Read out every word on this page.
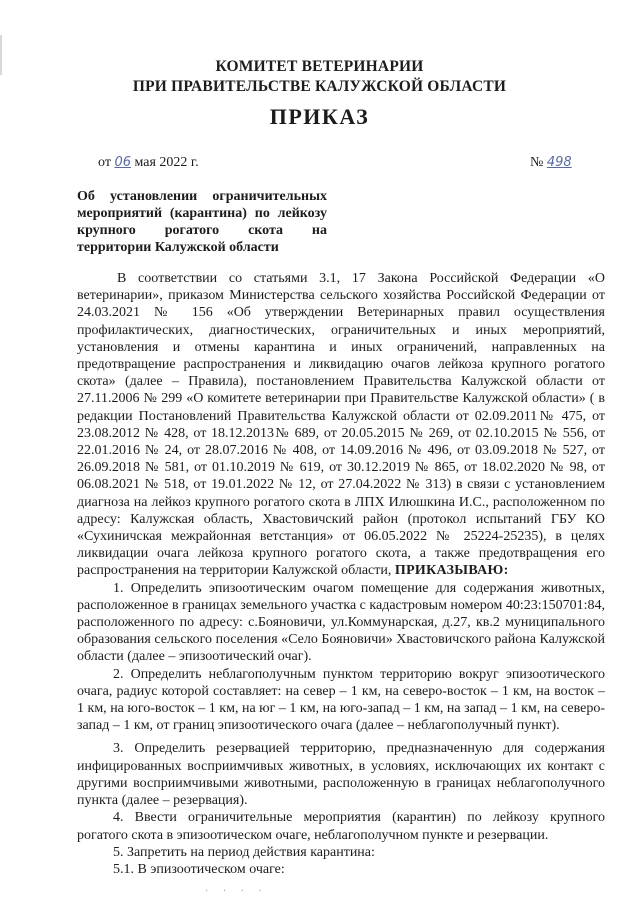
КОМИТЕТ ВЕТЕРИНАРИИ
ПРИ ПРАВИТЕЛЬСТВЕ КАЛУЖСКОЙ ОБЛАСТИ
ПРИКАЗ
от 06 мая 2022 г.	№ 498
Об установлении ограничительных мероприятий (карантина) по лейкозу крупного рогатого скота на территории Калужской области

В соответствии со статьями 3.1, 17 Закона Российской Федерации «О ветеринарии», приказом Министерства сельского хозяйства Российской Федерации от 24.03.2021 № 156 «Об утверждении Ветеринарных правил осуществления профилактических, диагностических, ограничительных и иных мероприятий, установления и отмены карантина и иных ограничений, направленных на предотвращение распространения и ликвидацию очагов лейкоза крупного рогатого скота» (далее – Правила), постановлением Правительства Калужской области от 27.11.2006 № 299 «О комитете ветеринарии при Правительстве Калужской области» ( в редакции Постановлений Правительства Калужской области от 02.09.2011№ 475, от 23.08.2012 № 428, от 18.12.2013№ 689, от 20.05.2015 № 269, от 02.10.2015 № 556, от 22.01.2016 № 24, от 28.07.2016 № 408, от 14.09.2016 № 496, от 03.09.2018 № 527, от 26.09.2018 № 581, от 01.10.2019 № 619, от 30.12.2019 № 865, от 18.02.2020 № 98, от 06.08.2021 № 518, от 19.01.2022 № 12, от 27.04.2022 № 313) в связи с установлением диагноза на лейкоз крупного рогатого скота в ЛПХ Илюшкина И.С., расположенном по адресу: Калужская область, Хвастовичский район (протокол испытаний ГБУ КО «Сухиничская межрайонная ветстанция» от 06.05.2022 № 25224-25235), в целях ликвидации очага лейкоза крупного рогатого скота, а также предотвращения его распространения на территории Калужской области, ПРИКАЗЫВАЮ:

1. Определить эпизоотическим очагом помещение для содержания животных, расположенное в границах земельного участка с кадастровым номером 40:23:150701:84, расположенного по адресу: с.Бояновичи, ул.Коммунарская, д.27, кв.2 муниципального образования сельского поселения «Село Бояновичи» Хвастовичского района Калужской области (далее – эпизоотический очаг).

2. Определить неблагополучным пунктом территорию вокруг эпизоотического очага, радиус которой составляет: на север – 1 км, на северо-восток – 1 км, на восток – 1 км, на юго-восток – 1 км, на юг – 1 км, на юго-запад – 1 км, на запад – 1 км, на северо-запад – 1 км, от границ эпизоотического очага (далее – неблагополучный пункт).

3. Определить резервацией территорию, предназначенную для содержания инфицированных восприимчивых животных, в условиях, исключающих их контакт с другими восприимчивыми животными, расположенную в границах неблагополучного пункта (далее – резервация).

4. Ввести ограничительные мероприятия (карантин) по лейкозу крупного рогатого скота в эпизоотическом очаге, неблагополучном пункте и резервации.

5. Запретить на период действия карантина:

5.1. В эпизоотическом очаге:

· · · ·
